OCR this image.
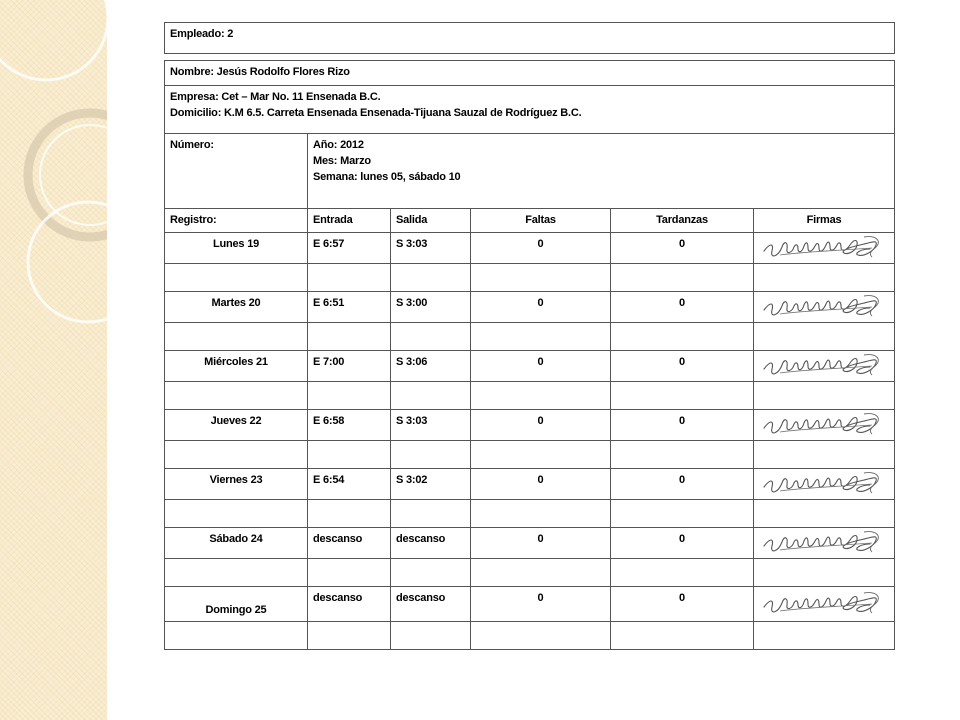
Empleado: 2					

Nombre: Jesús Rodolfo Flores Rizo					

Empresa: Cet – Mar No. 11 Ensenada B.C.
Domicilio: K.M 6.5. Carreta Ensenada Ensenada-Tijuana Sauzal de Rodríguez B.C.					

Número:	Año: 2012
Mes: Marzo
Semana: lunes 05, sábado 10				

Registro:	Entrada	Salida	Faltas	Tardanzas	Firmas
Lunes 19	E 6:57	S 3:03	0	0	

Martes 20	E 6:51	S 3:00	0	0	

Miércoles 21	E 7:00	S 3:06	0	0	

Jueves 22	E 6:58	S 3:03	0	0	

Viernes 23	E 6:54	S 3:02	0	0	

Sábado 24	descanso	descanso	0	0	

Domingo 25	descanso	descanso	0	0	
